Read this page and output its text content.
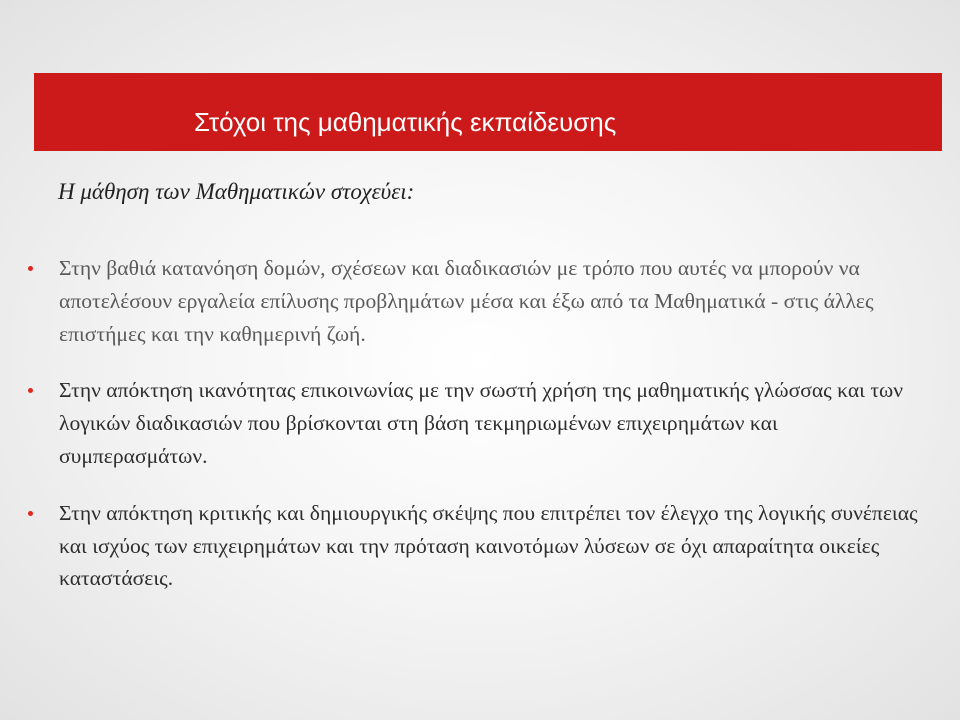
Στόχοι της μαθηματικής εκπαίδευσης
Η μάθηση των Μαθηματικών στοχεύει:
Στην βαθιά κατανόηση δομών, σχέσεων και διαδικασιών με τρόπο που αυτές να μπορούν να αποτελέσουν εργαλεία επίλυσης προβλημάτων μέσα και έξω από τα Μαθηματικά - στις άλλες επιστήμες και την καθημερινή ζωή.
Στην απόκτηση ικανότητας επικοινωνίας με την σωστή χρήση της μαθηματικής γλώσσας και των λογικών διαδικασιών που βρίσκονται στη βάση τεκμηριωμένων επιχειρημάτων και συμπερασμάτων.
Στην απόκτηση κριτικής και δημιουργικής σκέψης που επιτρέπει τον έλεγχο της λογικής συνέπειας και ισχύος των επιχειρημάτων και την πρόταση καινοτόμων λύσεων σε όχι απαραίτητα οικείες καταστάσεις.
